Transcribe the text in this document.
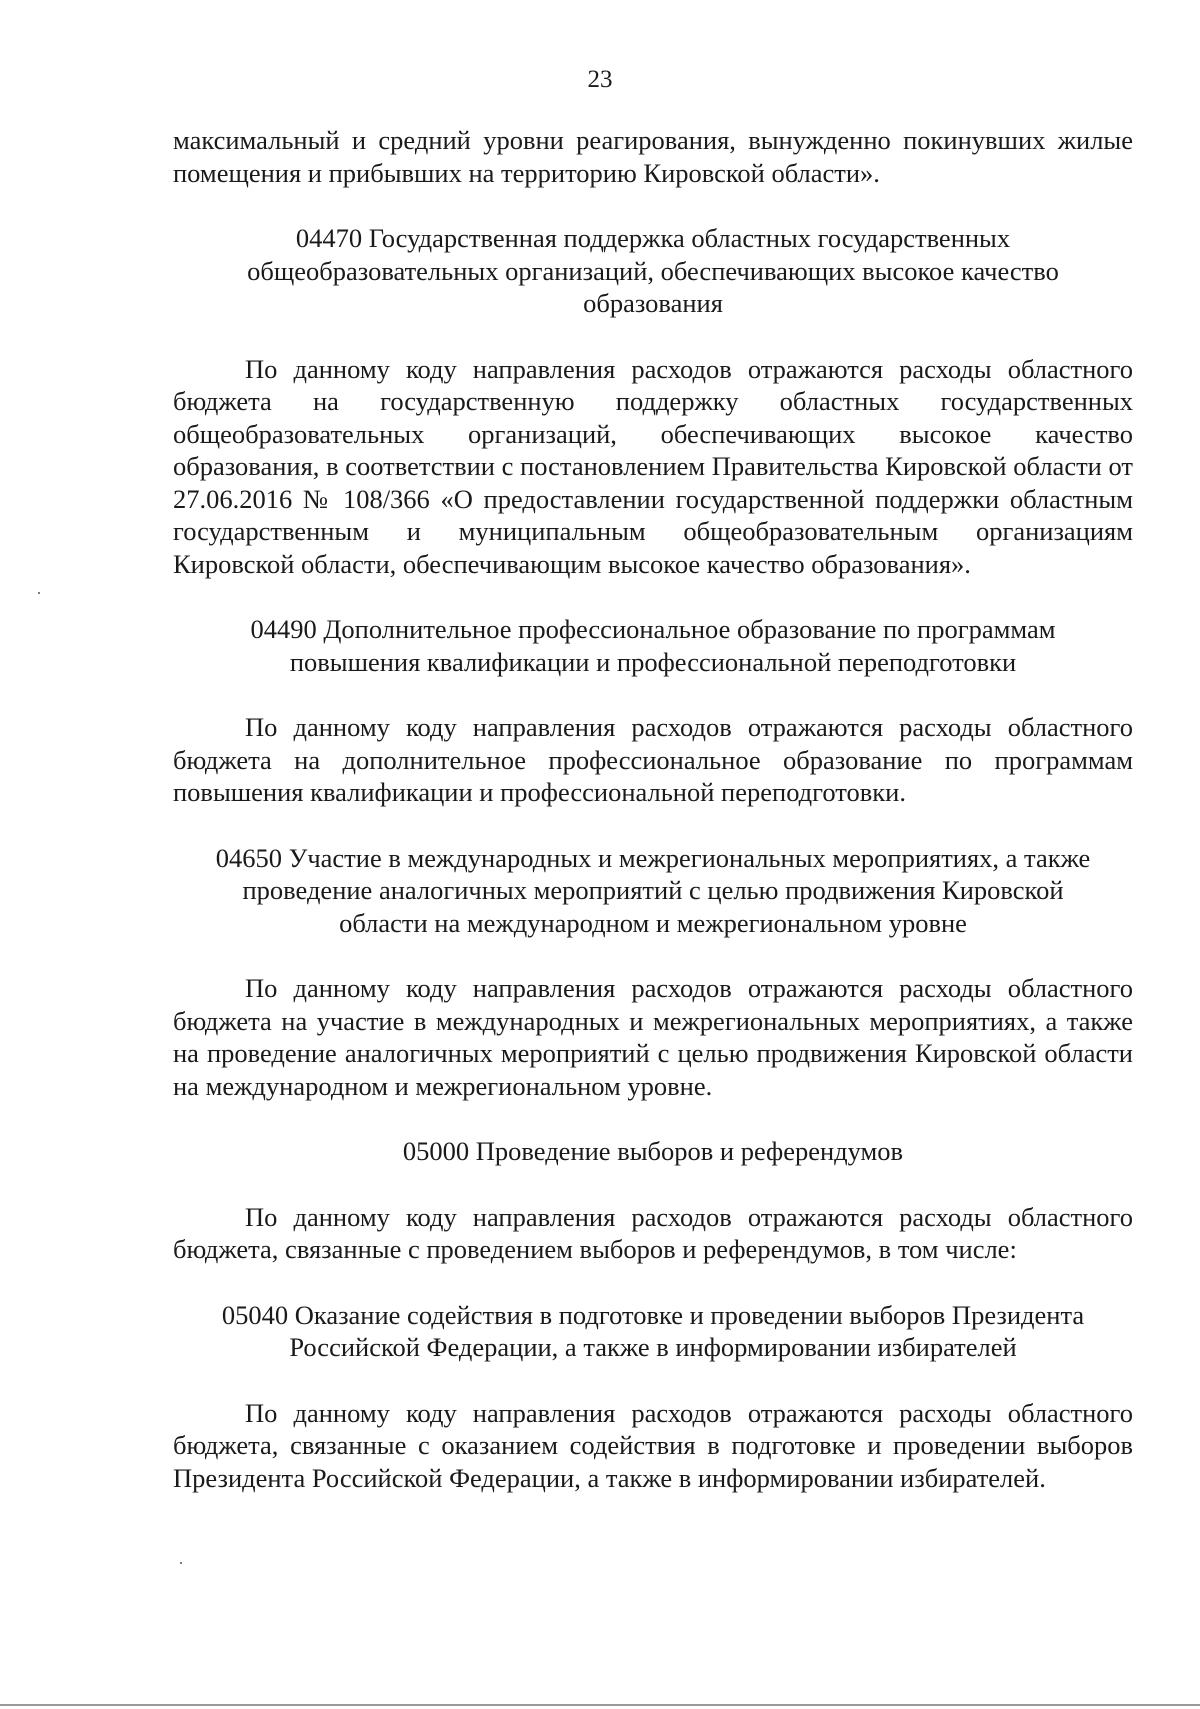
23

максимальный и средний уровни реагирования, вынужденно покинувших жилые помещения и прибывших на территорию Кировской области».

04470 Государственная поддержка областных государственных

общеобразовательных организаций, обеспечивающих высокое качество

образования

По данному коду направления расходов отражаются расходы областного бюджета на государственную поддержку областных государственных общеобразовательных организаций, обеспечивающих высокое качество образования, в соответствии с постановлением Правительства Кировской области от 27.06.2016 № 108/366 «О предоставлении государственной поддержки областным государственным и муниципальным общеобразовательным организациям Кировской области, обеспечивающим высокое качество образования».

04490 Дополнительное профессиональное образование по программам

повышения квалификации и профессиональной переподготовки

По данному коду направления расходов отражаются расходы областного бюджета на дополнительное профессиональное образование по программам повышения квалификации и профессиональной переподготовки.

04650 Участие в международных и межрегиональных мероприятиях, а также

проведение аналогичных мероприятий с целью продвижения Кировской

области на международном и межрегиональном уровне

По данному коду направления расходов отражаются расходы областного бюджета на участие в международных и межрегиональных мероприятиях, а также на проведение аналогичных мероприятий с целью продвижения Кировской области на международном и межрегиональном уровне.

05000 Проведение выборов и референдумов

По данному коду направления расходов отражаются расходы областного бюджета, связанные с проведением выборов и референдумов, в том числе:

05040 Оказание содействия в подготовке и проведении выборов Президента

Российской Федерации, а также в информировании избирателей

По данному коду направления расходов отражаются расходы областного бюджета, связанные с оказанием содействия в подготовке и проведении выборов Президента Российской Федерации, а также в информировании избирателей.
